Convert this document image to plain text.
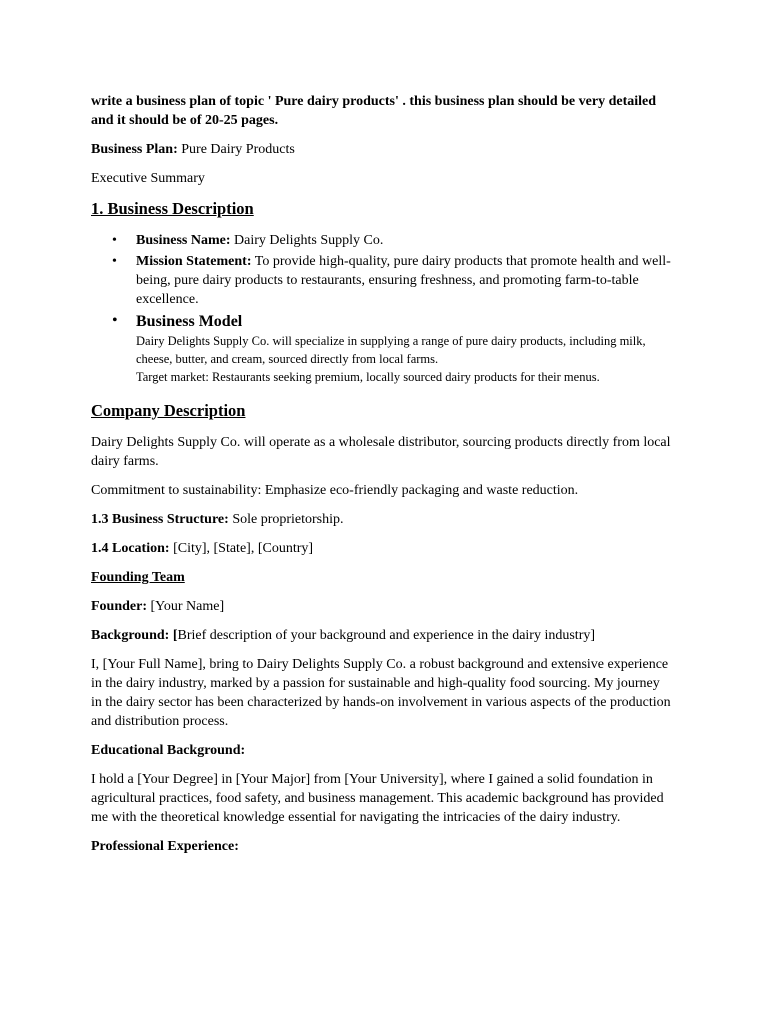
write a business plan of topic ' Pure dairy products' . this business plan should be very detailed and it should be of 20-25 pages.

Business Plan: Pure Dairy Products

Executive Summary

1. Business Description
• Business Name: Dairy Delights Supply Co.
• Mission Statement: To provide high-quality, pure dairy products that promote health and well-being, pure dairy products to restaurants, ensuring freshness, and promoting farm-to-table excellence.
• Business Model
Dairy Delights Supply Co. will specialize in supplying a range of pure dairy products, including milk, cheese, butter, and cream, sourced directly from local farms.
Target market: Restaurants seeking premium, locally sourced dairy products for their menus.
Company Description

Dairy Delights Supply Co. will operate as a wholesale distributor, sourcing products directly from local dairy farms.

Commitment to sustainability: Emphasize eco-friendly packaging and waste reduction.

1.3 Business Structure: Sole proprietorship.

1.4 Location: [City], [State], [Country]

Founding Team

Founder: [Your Name]

Background: [Brief description of your background and experience in the dairy industry]

I, [Your Full Name], bring to Dairy Delights Supply Co. a robust background and extensive experience in the dairy industry, marked by a passion for sustainable and high-quality food sourcing. My journey in the dairy sector has been characterized by hands-on involvement in various aspects of the production and distribution process.

Educational Background:

I hold a [Your Degree] in [Your Major] from [Your University], where I gained a solid foundation in agricultural practices, food safety, and business management. This academic background has provided me with the theoretical knowledge essential for navigating the intricacies of the dairy industry.

Professional Experience:
